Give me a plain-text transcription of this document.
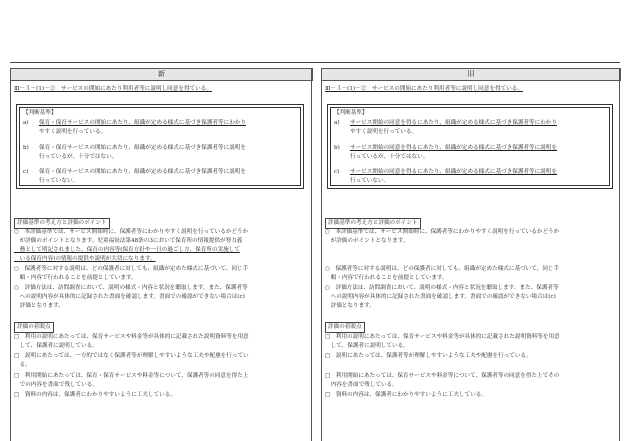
新	旧
Ⅲ－３－(1)－②　サービスの開始にあたり利用者等に説明し同意を得ている。
【判断基準】
a) 保育・保育サービスの開始にあたり、組織が定める様式に基づき保護者等にわかり
やすく説明を行っている。
b) 保育・保育サービスの開始にあたり、組織が定める様式に基づき保護者等に説明を
行っているが、十分ではない。
c) 保育・保育サービスの開始にあたり、組織が定める様式に基づき保護者等に説明を
行っていない。
評価基準の考え方と評価のポイント
○　本評価基準では、サービス開始時に、保護者等にわかりやすく説明を行っているかどうか
　が評価のポイントとなります。児童福祉法第48条の3において保育所の情報提供が努力義
　務として明記されました。保育の内容等(保育方針や一日の過ごし方、保育所の実施して
　いる保育内容)の情報の提供や説明が大切になります。
○　保護者等に対する説明は、どの保護者に対しても、組織が定めた様式に基づいて、同じ手
　順・内容で行われることを前提としています。
○　評価方法は、訪問調査において、説明の様式・内容と状況を聴取します。また、保護者等
　への説明内容が具体的に記録された書面を確認します。書面での確認ができない場合は(c)
　評価となります。
評価の着眼点
□　利用の説明にあたっては、保育サービスや料金等が具体的に記載された説明資料等を用意
　して、保護者に説明している。
□　説明にあたっては、一方的ではなく保護者等が理解しやすいような工夫や配慮を行ってい
　る。
□　利用開始にあたっては、保育・保育サービスや料金等について、保護者等の同意を得た上
　での内容を書面で残している。
□　資料の内容は、保護者にわかりやすいように工夫している。
Ⅲ－３－(1)－②　サービスの開始にあたり利用者等に説明し同意を得ている。
【判断基準】
a) サービス開始の同意を得るにあたり、組織が定める様式に基づき保護者等にわかり
やすく説明を行っている。
b) サービス開始の同意を得るにあたり、組織が定める様式に基づき保護者等に説明を
行っているが、十分ではない。
c) サービス開始の同意を得るにあたり、組織が定める様式に基づき保護者等に説明を
行っていない。
評価基準の考え方と評価のポイント
○　本評価基準では、サービス開始時に、保護者等にわかりやすく説明を行っているかどうか
　が評価のポイントとなります。
○　保護者等に対する説明は、どの保護者に対しても、組織が定めた様式に基づいて、同じ手
　順・内容で行われることを前提としています。
○　評価方法は、訪問調査において、説明の様式・内容と状況を聴取します。また、保護者等
　への説明内容が具体的に記録された書面を確認します。書面での確認ができない場合は(c)
　評価となります。
評価の着眼点
□　利用の説明にあたっては、保育サービスや料金等が具体的に記載された説明資料等を用意
　して、保護者に説明している。
□　説明にあたっては、保護者等が理解しやすいような工夫や配慮を行っている。
□　利用開始にあたっては、保育サービスや料金等について、保護者等の同意を得た上でその
　内容を書面で残している。
□　資料の内容は、保護者にわかりやすいように工夫している。
